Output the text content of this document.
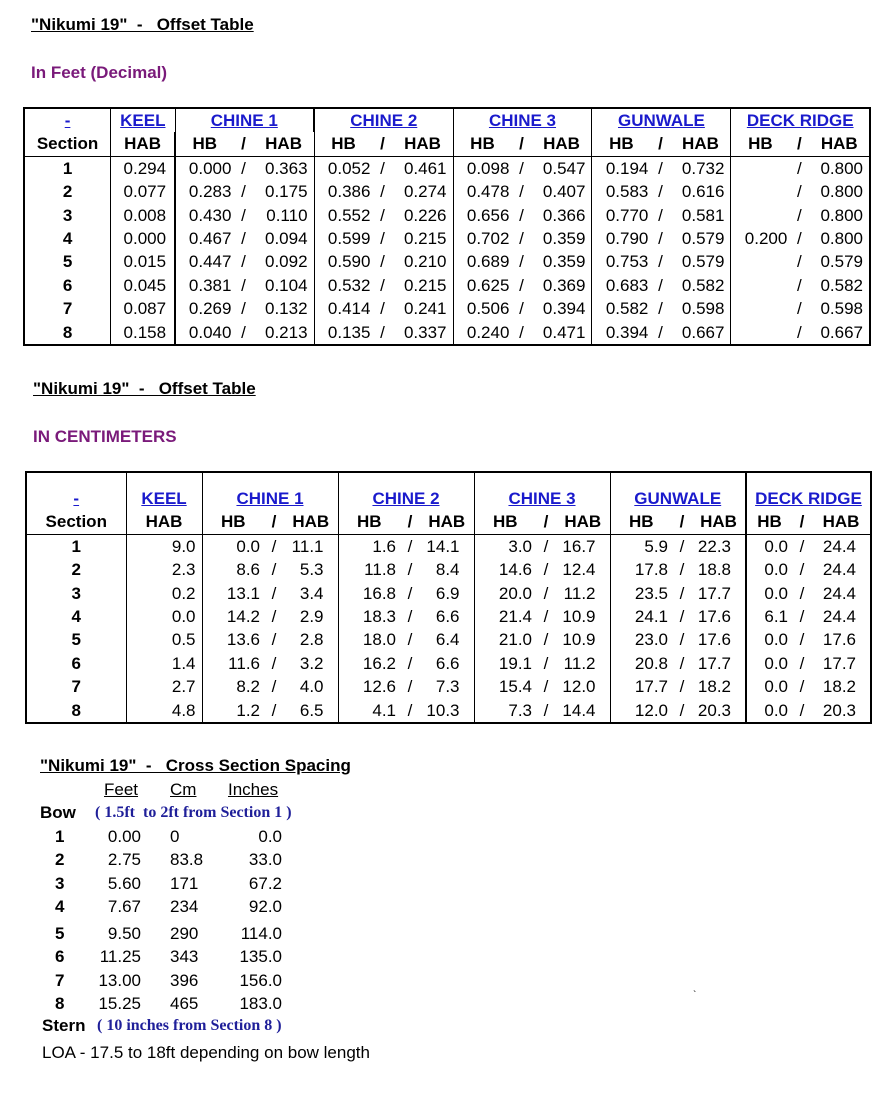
"Nikumi 19"  -   Offset Table
In Feet (Decimal)
-	KEEL	CHINE 1			CHINE 2			CHINE 3			GUNWALE			DECK RIDGE		
Section	HAB	HB	/	HAB	HB	/	HAB	HB	/	HAB	HB	/	HAB	HB	/	HAB
1	0.294	0.000	/	0.363	0.052	/	0.461	0.098	/	0.547	0.194	/	0.732		/	0.800
2	0.077	0.283	/	0.175	0.386	/	0.274	0.478	/	0.407	0.583	/	0.616		/	0.800
3	0.008	0.430	/	0.110	0.552	/	0.226	0.656	/	0.366	0.770	/	0.581		/	0.800
4	0.000	0.467	/	0.094	0.599	/	0.215	0.702	/	0.359	0.790	/	0.579	0.200	/	0.800
5	0.015	0.447	/	0.092	0.590	/	0.210	0.689	/	0.359	0.753	/	0.579		/	0.579
6	0.045	0.381	/	0.104	0.532	/	0.215	0.625	/	0.369	0.683	/	0.582		/	0.582
7	0.087	0.269	/	0.132	0.414	/	0.241	0.506	/	0.394	0.582	/	0.598		/	0.598
8	0.158	0.040	/	0.213	0.135	/	0.337	0.240	/	0.471	0.394	/	0.667		/	0.667
"Nikumi 19"  -   Offset Table
IN CENTIMETERS
-	KEEL	CHINE 1			CHINE 2			CHINE 3			GUNWALE			DECK RIDGE		
Section	HAB	HB	/	HAB	HB	/	HAB	HB	/	HAB	HB	/	HAB	HB	/	HAB
1	9.0	0.0	/	11.1	1.6	/	14.1	3.0	/	16.7	5.9	/	22.3	0.0	/	24.4
2	2.3	8.6	/	5.3	11.8	/	8.4	14.6	/	12.4	17.8	/	18.8	0.0	/	24.4
3	0.2	13.1	/	3.4	16.8	/	6.9	20.0	/	11.2	23.5	/	17.7	0.0	/	24.4
4	0.0	14.2	/	2.9	18.3	/	6.6	21.4	/	10.9	24.1	/	17.6	6.1	/	24.4
5	0.5	13.6	/	2.8	18.0	/	6.4	21.0	/	10.9	23.0	/	17.6	0.0	/	17.6
6	1.4	11.6	/	3.2	16.2	/	6.6	19.1	/	11.2	20.8	/	17.7	0.0	/	17.7
7	2.7	8.2	/	4.0	12.6	/	7.3	15.4	/	12.0	17.7	/	18.2	0.0	/	18.2
8	4.8	1.2	/	6.5	4.1	/	10.3	7.3	/	14.4	12.0	/	20.3	0.0	/	20.3
"Nikumi 19"  -   Cross Section Spacing
Feet Cm Inches
Bow ( 1.5ft  to 2ft from Section 1 )
1	0.00 0	0.0
2	2.75 83.8	33.0
3	5.60 171	67.2
4	7.67 234	92.0
5	9.50 290 114.0
6 11.25 343 135.0
7 13.00 396 156.0
8 15.25 465 183.0
Stern ( 10 inches from Section 8 )
LOA - 17.5 to 18ft depending on bow length
`
